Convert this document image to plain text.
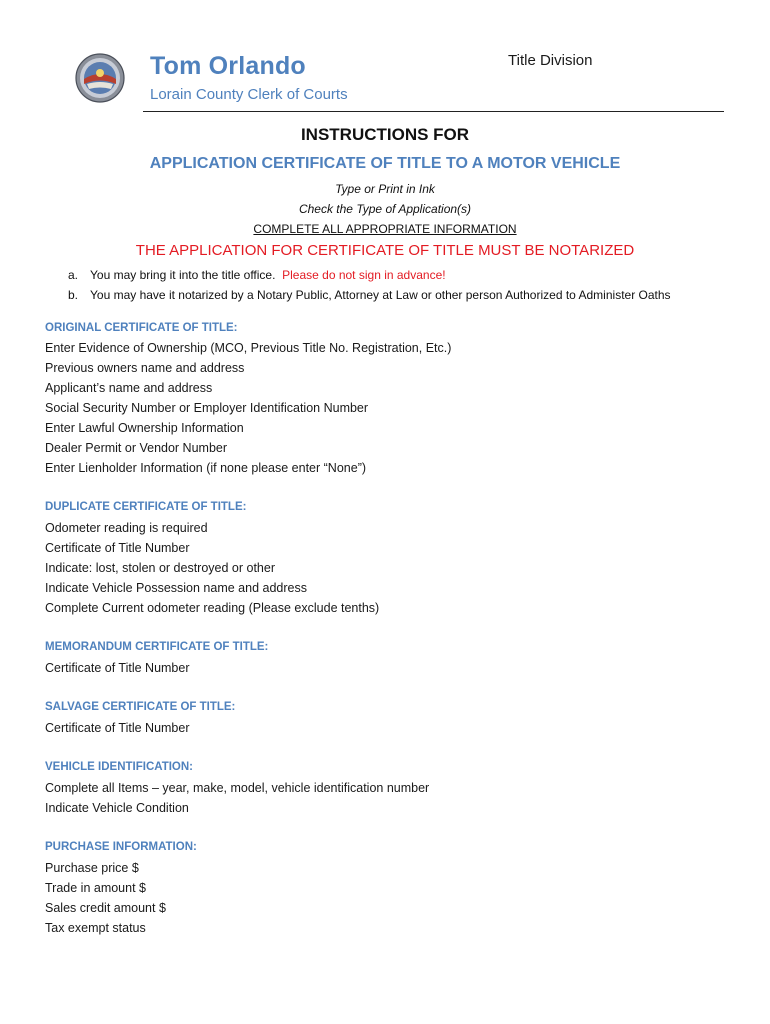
Tom Orlando
Lorain County Clerk of Courts
Title Division
INSTRUCTIONS FOR
APPLICATION CERTIFICATE OF TITLE TO A MOTOR VEHICLE
Type or Print in Ink
Check the Type of Application(s)
COMPLETE ALL APPROPRIATE INFORMATION
THE APPLICATION FOR CERTIFICATE OF TITLE MUST BE NOTARIZED
a. You may bring it into the title office. Please do not sign in advance!
b. You may have it notarized by a Notary Public, Attorney at Law or other person Authorized to Administer Oaths
ORIGINAL CERTIFICATE OF TITLE:
Enter Evidence of Ownership (MCO, Previous Title No. Registration, Etc.)
Previous owners name and address
Applicant’s name and address
Social Security Number or Employer Identification Number
Enter Lawful Ownership Information
Dealer Permit or Vendor Number
Enter Lienholder Information (if none please enter “None”)
DUPLICATE CERTIFICATE OF TITLE:
Odometer reading is required
Certificate of Title Number
Indicate: lost, stolen or destroyed or other
Indicate Vehicle Possession name and address
Complete Current odometer reading (Please exclude tenths)
MEMORANDUM CERTIFICATE OF TITLE:
Certificate of Title Number
SALVAGE CERTIFICATE OF TITLE:
Certificate of Title Number
VEHICLE IDENTIFICATION:
Complete all Items – year, make, model, vehicle identification number
Indicate Vehicle Condition
PURCHASE INFORMATION:
Purchase price $
Trade in amount $
Sales credit amount $
Tax exempt status
